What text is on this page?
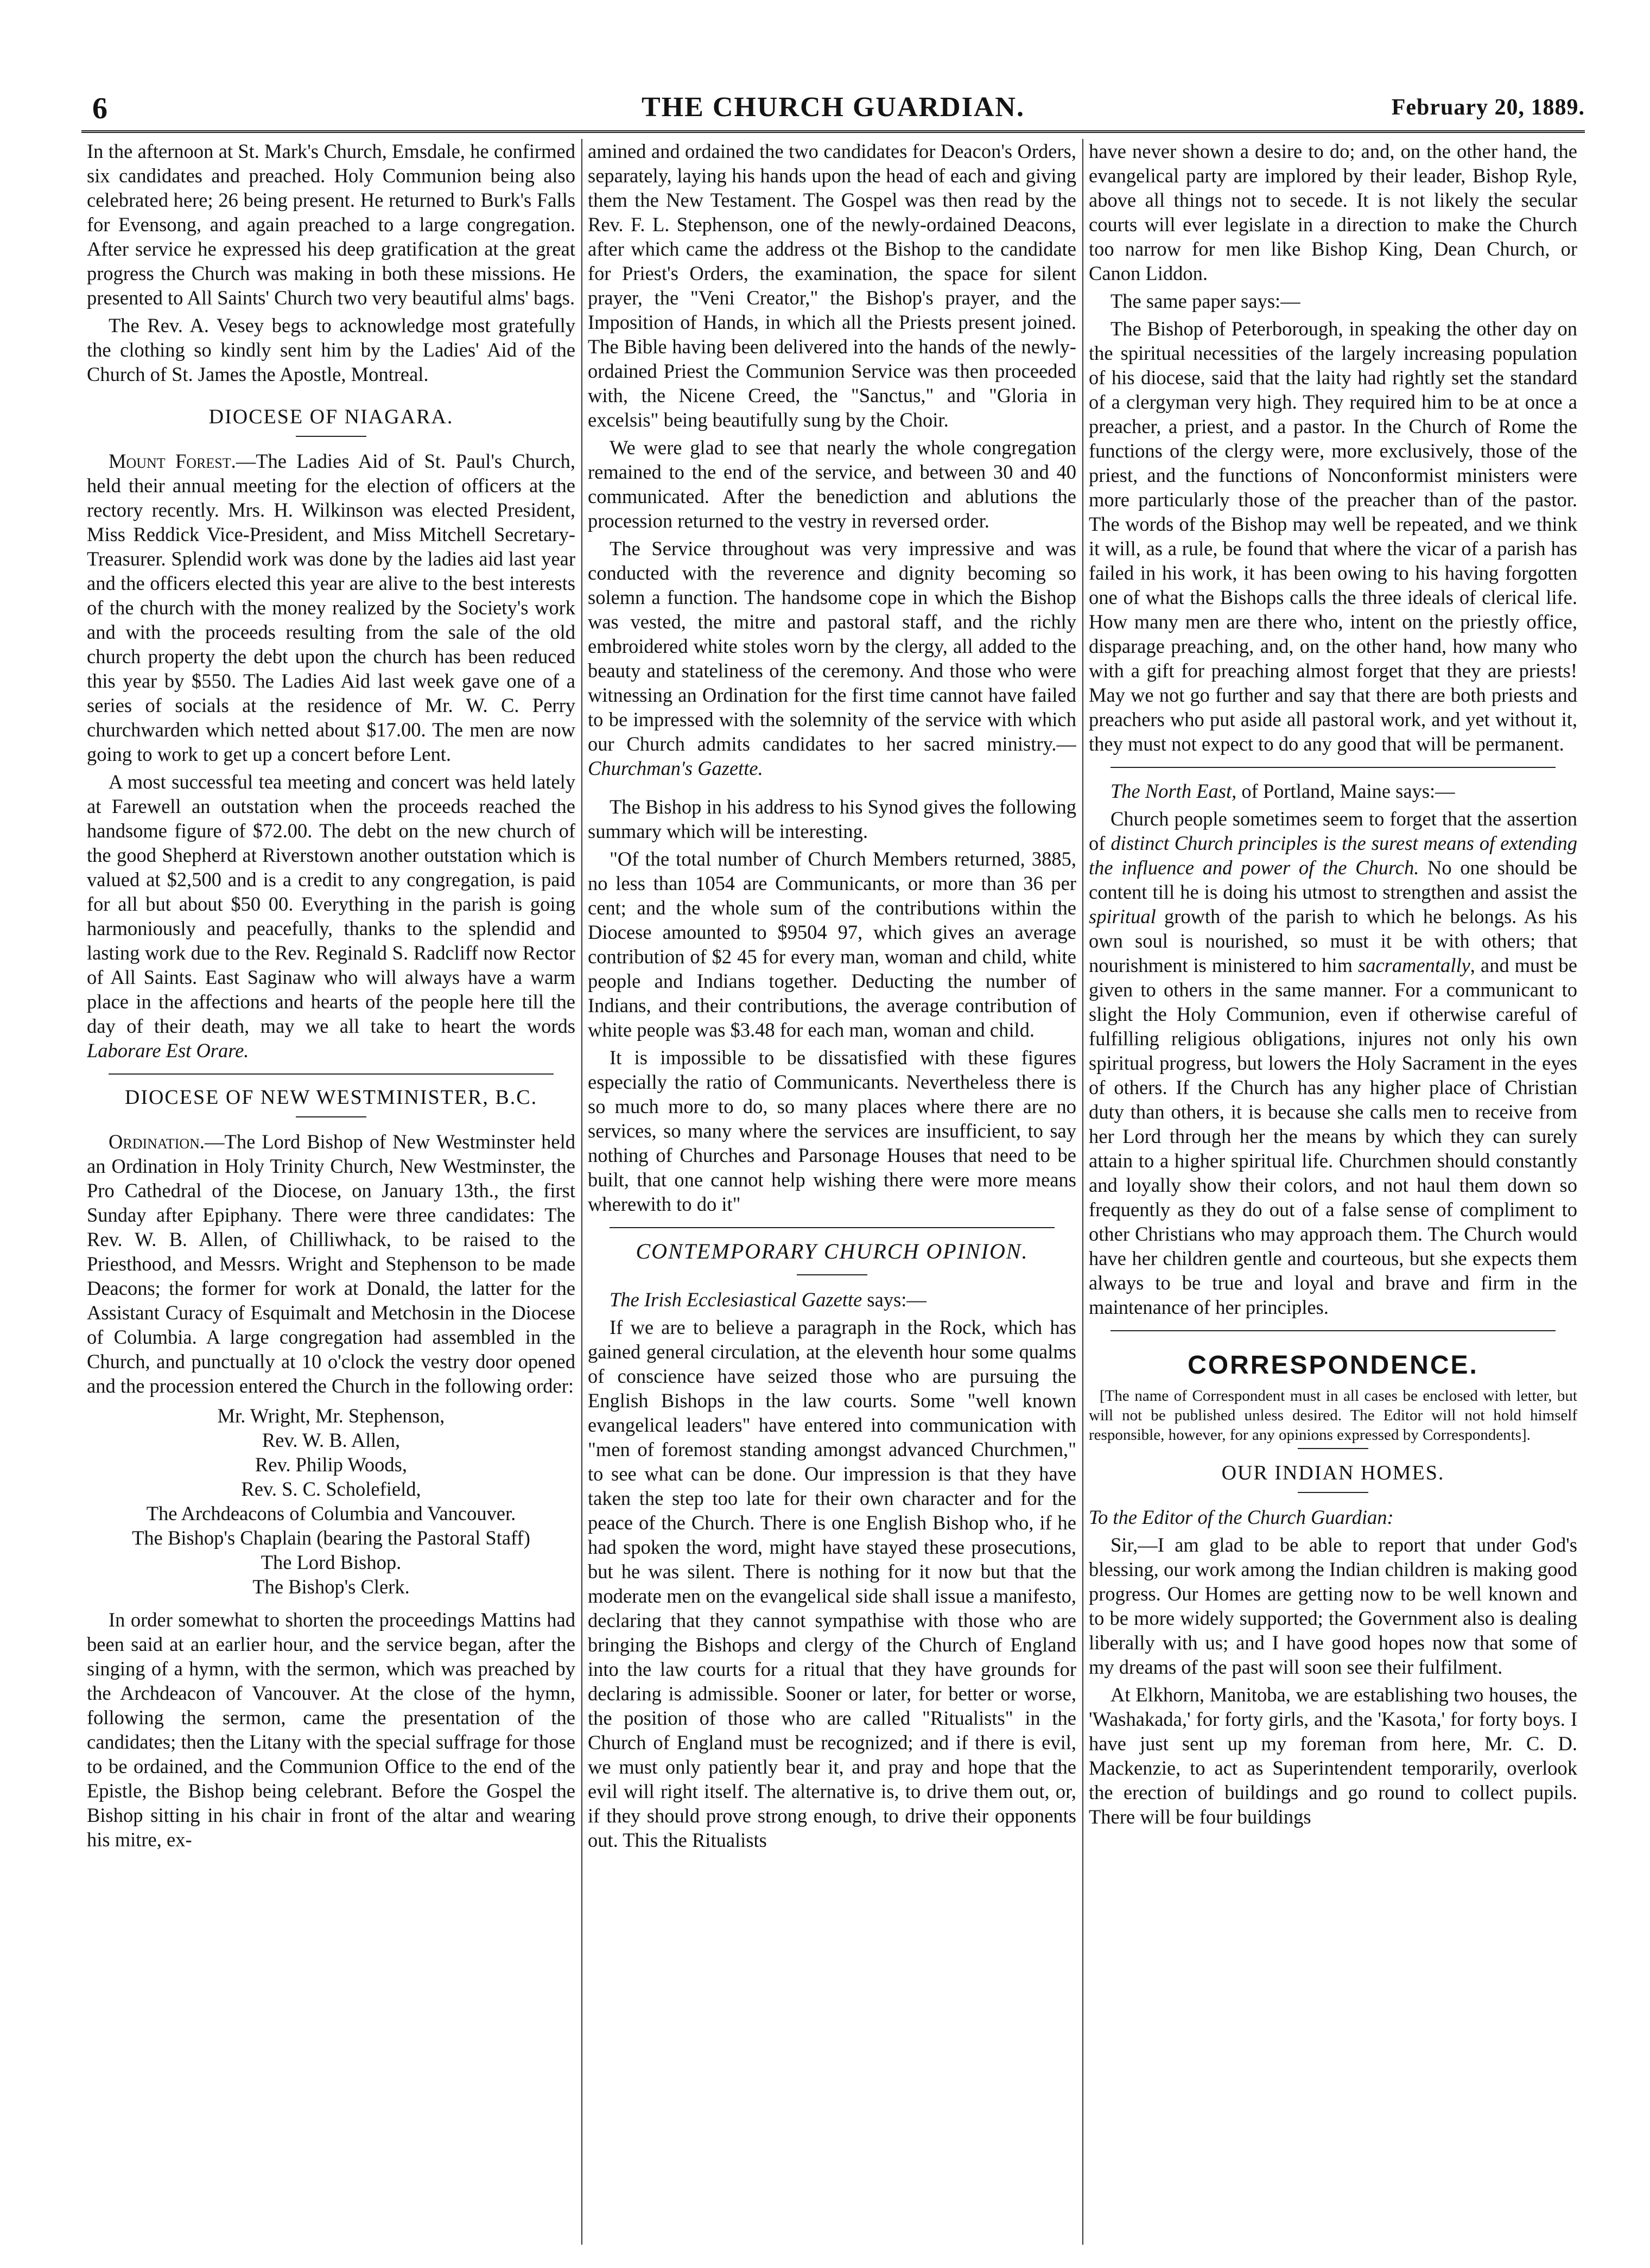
6	THE CHURCH GUARDIAN.	February 20, 1889.

In the afternoon at St. Mark's Church, Emsdale, he confirmed six candidates and preached. Holy Communion being also celebrated here; 26 being present. He returned to Burk's Falls for Evensong, and again preached to a large congregation. After service he expressed his deep gratification at the great progress the Church was making in both these missions. He presented to All Saints' Church two very beautiful alms' bags.

The Rev. A. Vesey begs to acknowledge most gratefully the clothing so kindly sent him by the Ladies' Aid of the Church of St. James the Apostle, Montreal.

DIOCESE OF NIAGARA.

Mount Forest.—The Ladies Aid of St. Paul's Church, held their annual meeting for the election of officers at the rectory recently. Mrs. H. Wilkinson was elected President, Miss Reddick Vice-President, and Miss Mitchell Secretary-Treasurer. Splendid work was done by the ladies aid last year and the officers elected this year are alive to the best interests of the church with the money realized by the Society's work and with the proceeds resulting from the sale of the old church property the debt upon the church has been reduced this year by $550. The Ladies Aid last week gave one of a series of socials at the residence of Mr. W. C. Perry churchwarden which netted about $17.00. The men are now going to work to get up a concert before Lent.

A most successful tea meeting and concert was held lately at Farewell an outstation when the proceeds reached the handsome figure of $72.00. The debt on the new church of the good Shepherd at Riverstown another outstation which is valued at $2,500 and is a credit to any congregation, is paid for all but about $50 00. Everything in the parish is going harmoniously and peacefully, thanks to the splendid and lasting work due to the Rev. Reginald S. Radcliff now Rector of All Saints. East Saginaw who will always have a warm place in the affections and hearts of the people here till the day of their death, may we all take to heart the words Laborare Est Orare.

DIOCESE OF NEW WESTMINISTER, B.C.

Ordination.—The Lord Bishop of New Westminster held an Ordination in Holy Trinity Church, New Westminster, the Pro Cathedral of the Diocese, on January 13th., the first Sunday after Epiphany. There were three candidates: The Rev. W. B. Allen, of Chilliwhack, to be raised to the Priesthood, and Messrs. Wright and Stephenson to be made Deacons; the former for work at Donald, the latter for the Assistant Curacy of Esquimalt and Metchosin in the Diocese of Columbia. A large congregation had assembled in the Church, and punctually at 10 o'clock the vestry door opened and the procession entered the Church in the following order:

Mr. Wright, Mr. Stephenson,
Rev. W. B. Allen,
Rev. Philip Woods,
Rev. S. C. Scholefield,
The Archdeacons of Columbia and Vancouver.
The Bishop's Chaplain (bearing the Pastoral Staff)
The Lord Bishop.
The Bishop's Clerk.

In order somewhat to shorten the proceedings Mattins had been said at an earlier hour, and the service began, after the singing of a hymn, with the sermon, which was preached by the Archdeacon of Vancouver. At the close of the hymn, following the sermon, came the presentation of the candidates; then the Litany with the special suffrage for those to be ordained, and the Communion Office to the end of the Epistle, the Bishop being celebrant. Before the Gospel the Bishop sitting in his chair in front of the altar and wearing his mitre, ex-

amined and ordained the two candidates for Deacon's Orders, separately, laying his hands upon the head of each and giving them the New Testament. The Gospel was then read by the Rev. F. L. Stephenson, one of the newly-ordained Deacons, after which came the address ot the Bishop to the candidate for Priest's Orders, the examination, the space for silent prayer, the "Veni Creator," the Bishop's prayer, and the Imposition of Hands, in which all the Priests present joined. The Bible having been delivered into the hands of the newly-ordained Priest the Communion Service was then proceeded with, the Nicene Creed, the "Sanctus," and "Gloria in excelsis" being beautifully sung by the Choir.

We were glad to see that nearly the whole congregation remained to the end of the service, and between 30 and 40 communicated. After the benediction and ablutions the procession returned to the vestry in reversed order.

The Service throughout was very impressive and was conducted with the reverence and dignity becoming so solemn a function. The handsome cope in which the Bishop was vested, the mitre and pastoral staff, and the richly embroidered white stoles worn by the clergy, all added to the beauty and stateliness of the ceremony. And those who were witnessing an Ordination for the first time cannot have failed to be impressed with the solemnity of the service with which our Church admits candidates to her sacred ministry.—Churchman's Gazette.

The Bishop in his address to his Synod gives the following summary which will be interesting.

"Of the total number of Church Members returned, 3885, no less than 1054 are Communicants, or more than 36 per cent; and the whole sum of the contributions within the Diocese amounted to $9504 97, which gives an average contribution of $2 45 for every man, woman and child, white people and Indians together. Deducting the number of Indians, and their contributions, the average contribution of white people was $3.48 for each man, woman and child.

It is impossible to be dissatisfied with these figures especially the ratio of Communicants. Nevertheless there is so much more to do, so many places where there are no services, so many where the services are insufficient, to say nothing of Churches and Parsonage Houses that need to be built, that one cannot help wishing there were more means wherewith to do it"

CONTEMPORARY CHURCH OPINION.

The Irish Ecclesiastical Gazette says:—

If we are to believe a paragraph in the Rock, which has gained general circulation, at the eleventh hour some qualms of conscience have seized those who are pursuing the English Bishops in the law courts. Some "well known evangelical leaders" have entered into communication with "men of foremost standing amongst advanced Churchmen," to see what can be done. Our impression is that they have taken the step too late for their own character and for the peace of the Church. There is one English Bishop who, if he had spoken the word, might have stayed these prosecutions, but he was silent. There is nothing for it now but that the moderate men on the evangelical side shall issue a manifesto, declaring that they cannot sympathise with those who are bringing the Bishops and clergy of the Church of England into the law courts for a ritual that they have grounds for declaring is admissible. Sooner or later, for better or worse, the position of those who are called "Ritualists" in the Church of England must be recognized; and if there is evil, we must only patiently bear it, and pray and hope that the evil will right itself. The alternative is, to drive them out, or, if they should prove strong enough, to drive their opponents out. This the Ritualists

have never shown a desire to do; and, on the other hand, the evangelical party are implored by their leader, Bishop Ryle, above all things not to secede. It is not likely the secular courts will ever legislate in a direction to make the Church too narrow for men like Bishop King, Dean Church, or Canon Liddon.

The same paper says:—

The Bishop of Peterborough, in speaking the other day on the spiritual necessities of the largely increasing population of his diocese, said that the laity had rightly set the standard of a clergyman very high. They required him to be at once a preacher, a priest, and a pastor. In the Church of Rome the functions of the clergy were, more exclusively, those of the priest, and the functions of Nonconformist ministers were more particularly those of the preacher than of the pastor. The words of the Bishop may well be repeated, and we think it will, as a rule, be found that where the vicar of a parish has failed in his work, it has been owing to his having forgotten one of what the Bishops calls the three ideals of clerical life. How many men are there who, intent on the priestly office, disparage preaching, and, on the other hand, how many who with a gift for preaching almost forget that they are priests! May we not go further and say that there are both priests and preachers who put aside all pastoral work, and yet without it, they must not expect to do any good that will be permanent.

The North East, of Portland, Maine says:—

Church people sometimes seem to forget that the assertion of distinct Church principles is the surest means of extending the influence and power of the Church. No one should be content till he is doing his utmost to strengthen and assist the spiritual growth of the parish to which he belongs. As his own soul is nourished, so must it be with others; that nourishment is ministered to him sacramentally, and must be given to others in the same manner. For a communicant to slight the Holy Communion, even if otherwise careful of fulfilling religious obligations, injures not only his own spiritual progress, but lowers the Holy Sacrament in the eyes of others. If the Church has any higher place of Christian duty than others, it is because she calls men to receive from her Lord through her the means by which they can surely attain to a higher spiritual life. Churchmen should constantly and loyally show their colors, and not haul them down so frequently as they do out of a false sense of compliment to other Christians who may approach them. The Church would have her children gentle and courteous, but she expects them always to be true and loyal and brave and firm in the maintenance of her principles.

CORRESPONDENCE.

[The name of Correspondent must in all cases be enclosed with letter, but will not be published unless desired. The Editor will not hold himself responsible, however, for any opinions expressed by Correspondents].

OUR INDIAN HOMES.

To the Editor of the Church Guardian:

Sir,—I am glad to be able to report that under God's blessing, our work among the Indian children is making good progress. Our Homes are getting now to be well known and to be more widely supported; the Government also is dealing liberally with us; and I have good hopes now that some of my dreams of the past will soon see their fulfilment.

At Elkhorn, Manitoba, we are establishing two houses, the 'Washakada,' for forty girls, and the 'Kasota,' for forty boys. I have just sent up my foreman from here, Mr. C. D. Mackenzie, to act as Superintendent temporarily, overlook the erection of buildings and go round to collect pupils. There will be four buildings
